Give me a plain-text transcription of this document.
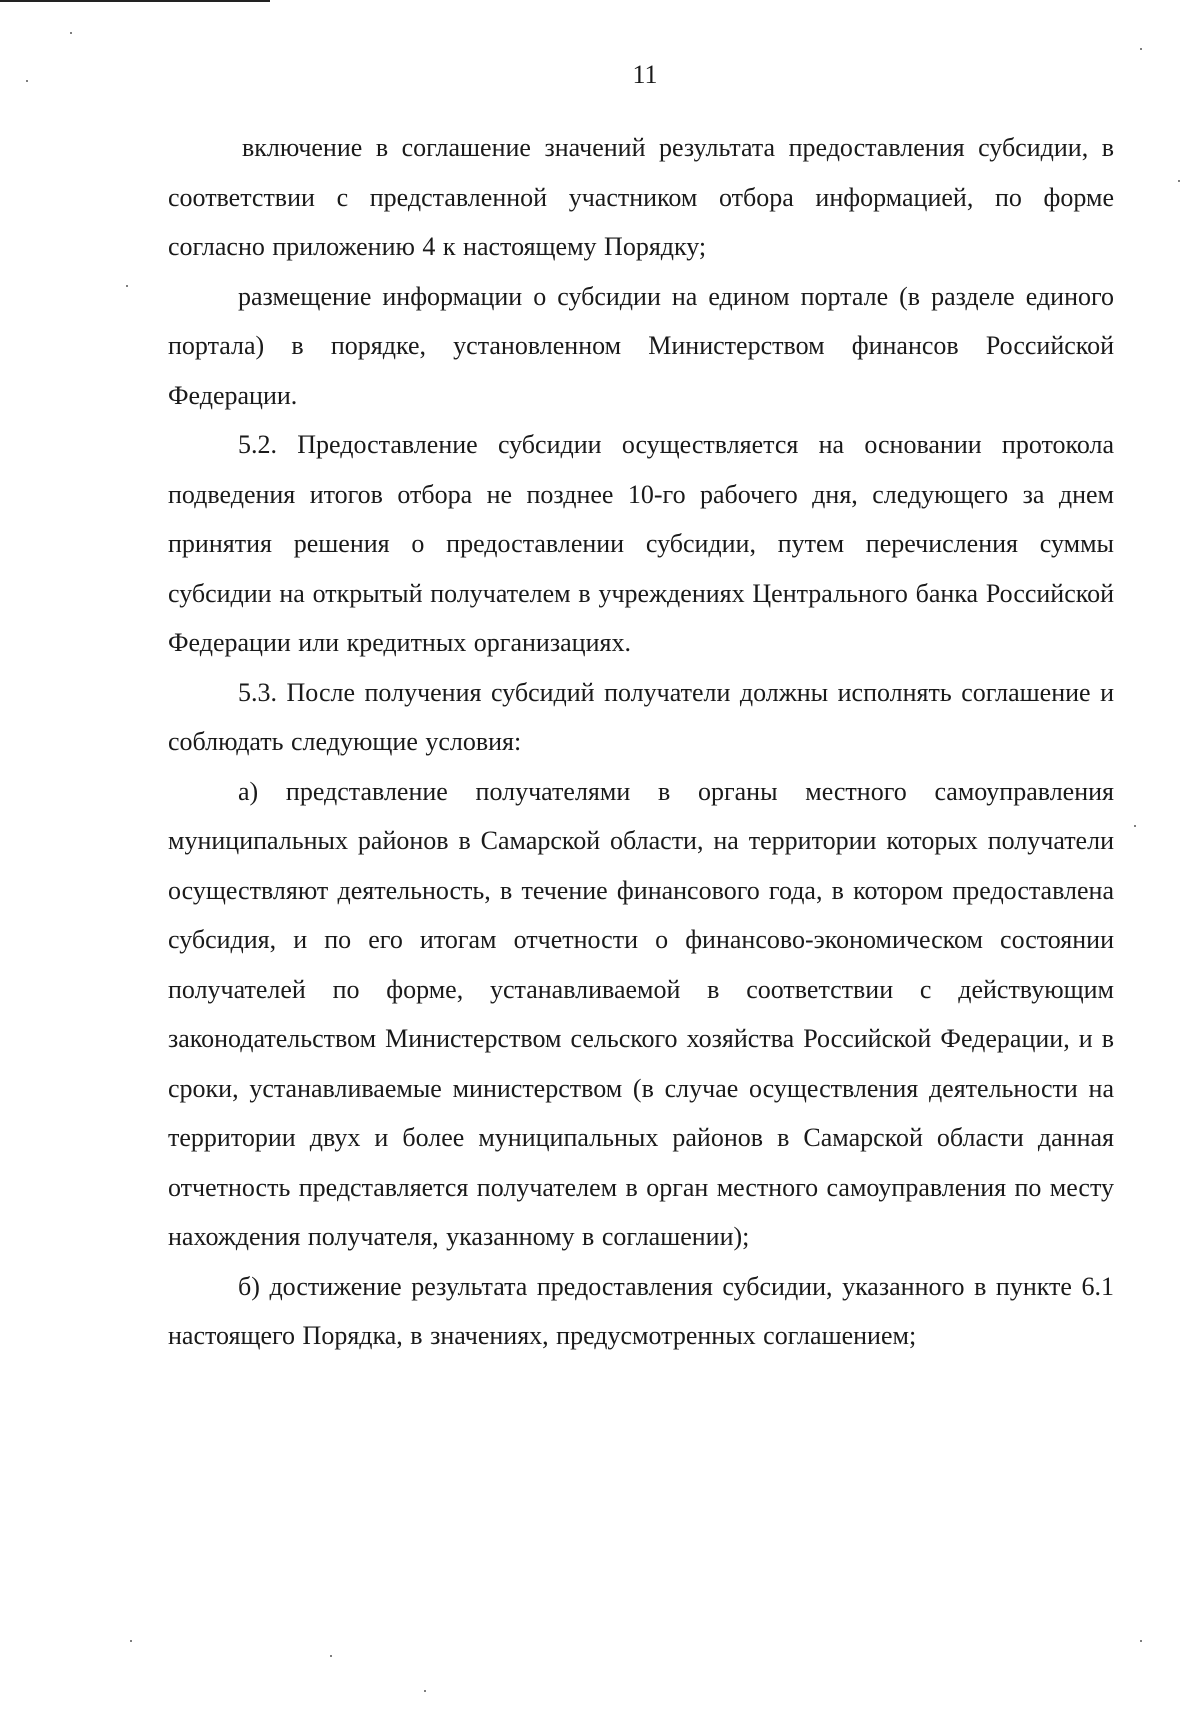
11

включение в соглашение значений результата предоставления субсидии, в соответствии с представленной участником отбора информацией, по форме согласно приложению 4 к настоящему Порядку;

размещение информации о субсидии на едином портале (в разделе единого портала) в порядке, установленном Министерством финансов Российской Федерации.

5.2. Предоставление субсидии осуществляется на основании протокола подведения итогов отбора не позднее 10-го рабочего дня, следующего за днем принятия решения о предоставлении субсидии, путем перечисления суммы субсидии на открытый получателем в учреждениях Центрального банка Российской Федерации или кредитных организациях.

5.3. После получения субсидий получатели должны исполнять соглашение и соблюдать следующие условия:

а) представление получателями в органы местного самоуправления муниципальных районов в Самарской области, на территории которых получатели осуществляют деятельность, в течение финансового года, в котором предоставлена субсидия, и по его итогам отчетности о финансово-экономическом состоянии получателей по форме, устанавливаемой в соответствии с действующим законодательством Министерством сельского хозяйства Российской Федерации, и в сроки, устанавливаемые министерством (в случае осуществления деятельности на территории двух и более муниципальных районов в Самарской области данная отчетность представляется получателем в орган местного самоуправления по месту нахождения получателя, указанному в соглашении);

б) достижение результата предоставления субсидии, указанного в пункте 6.1 настоящего Порядка, в значениях, предусмотренных соглашением;
